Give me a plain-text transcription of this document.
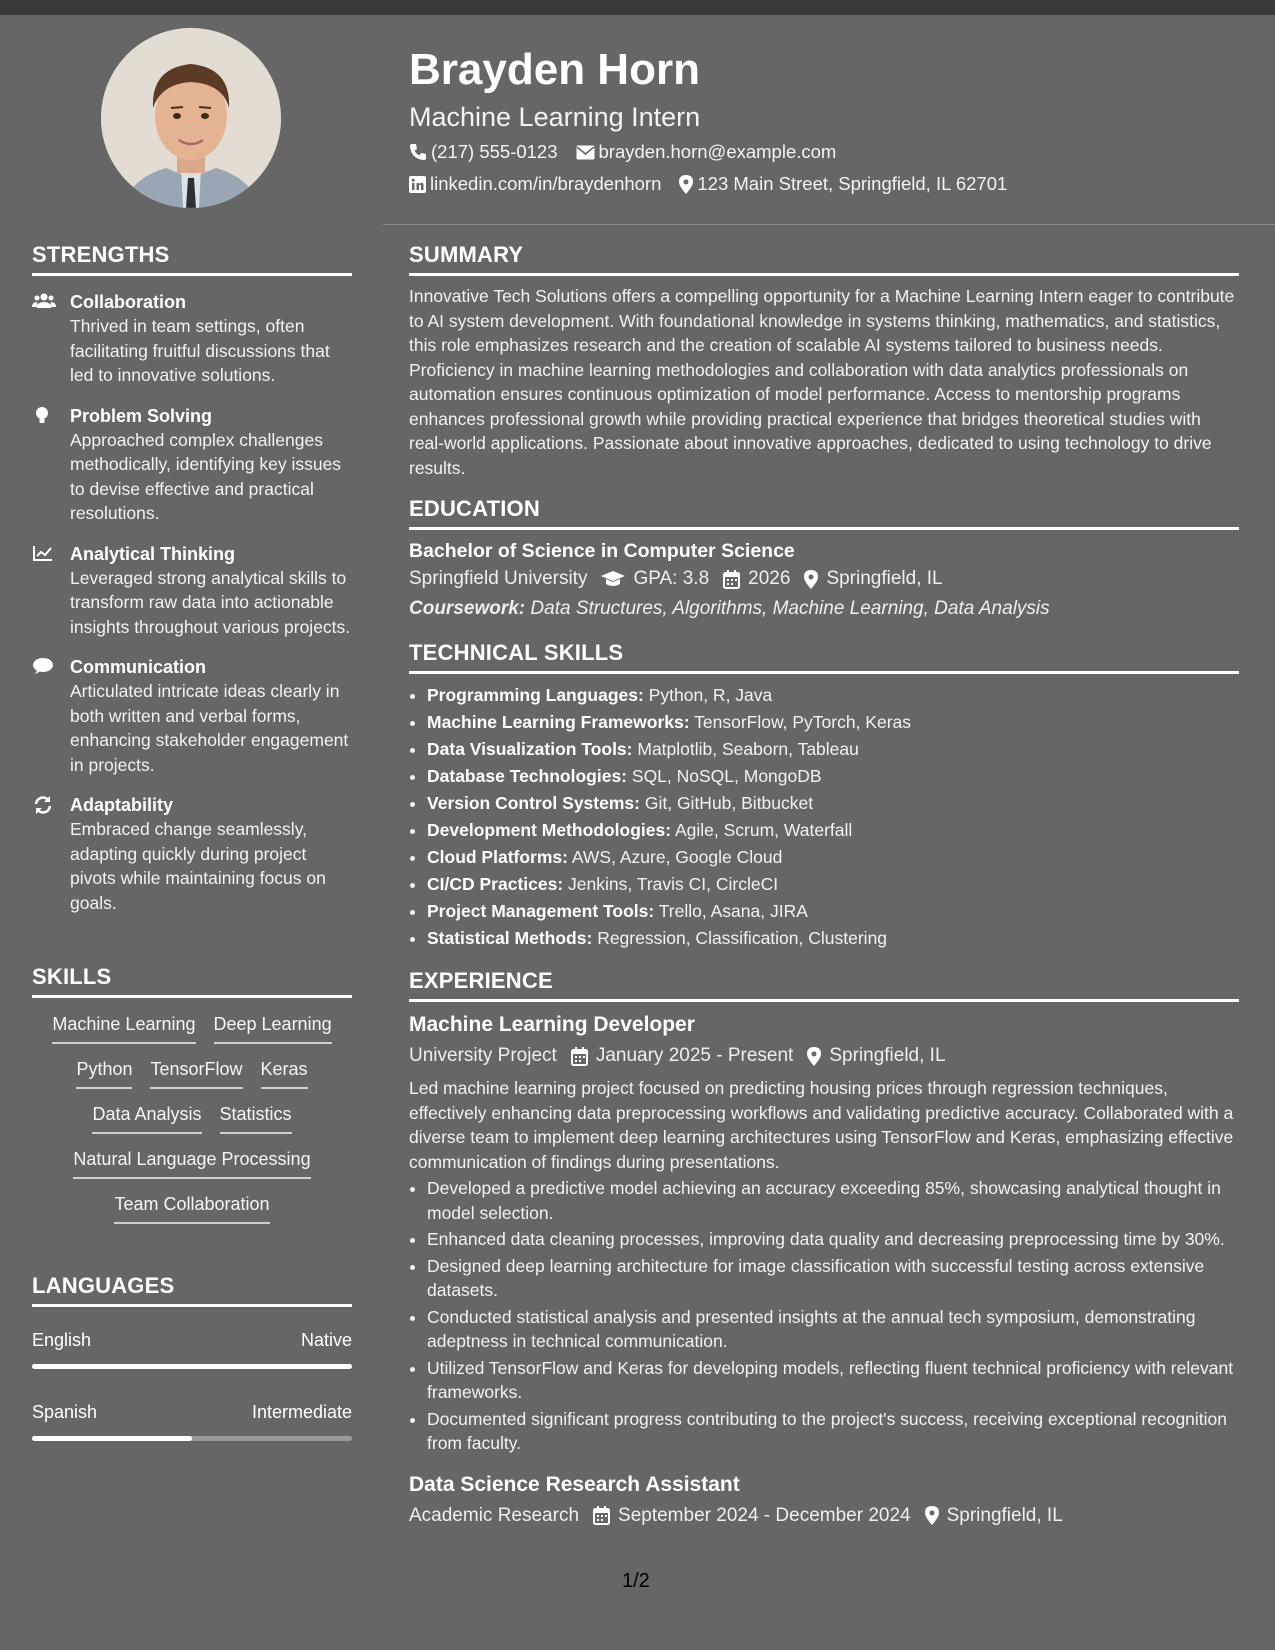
STRENGTHS
Collaboration
Thrived in team settings, often facilitating fruitful discussions that led to innovative solutions.
Problem Solving
Approached complex challenges methodically, identifying key issues to devise effective and practical resolutions.
Analytical Thinking
Leveraged strong analytical skills to transform raw data into actionable insights throughout various projects.
Communication
Articulated intricate ideas clearly in both written and verbal forms, enhancing stakeholder engagement in projects.
Adaptability
Embraced change seamlessly, adapting quickly during project pivots while maintaining focus on goals.
SKILLS
Machine Learning Deep Learning
Python TensorFlow Keras
Data Analysis Statistics
Natural Language Processing
Team Collaboration
LANGUAGES
English	Native
Spanish	Intermediate
Brayden Horn
Machine Learning Intern
(217) 555-0123 brayden.horn@example.com
linkedin.com/in/braydenhorn 123 Main Street, Springfield, IL 62701
SUMMARY

Innovative Tech Solutions offers a compelling opportunity for a Machine Learning Intern eager to contribute to AI system development. With foundational knowledge in systems thinking, mathematics, and statistics, this role emphasizes research and the creation of scalable AI systems tailored to business needs. Proficiency in machine learning methodologies and collaboration with data analytics professionals on automation ensures continuous optimization of model performance. Access to mentorship programs enhances professional growth while providing practical experience that bridges theoretical studies with real-world applications. Passionate about innovative approaches, dedicated to using technology to drive results.

EDUCATION
Bachelor of Science in Computer Science
Springfield University GPA: 3.8 2026 Springfield, IL
Coursework: Data Structures, Algorithms, Machine Learning, Data Analysis
TECHNICAL SKILLS
• Programming Languages: Python, R, Java
• Machine Learning Frameworks: TensorFlow, PyTorch, Keras
• Data Visualization Tools: Matplotlib, Seaborn, Tableau
• Database Technologies: SQL, NoSQL, MongoDB
• Version Control Systems: Git, GitHub, Bitbucket
• Development Methodologies: Agile, Scrum, Waterfall
• Cloud Platforms: AWS, Azure, Google Cloud
• CI/CD Practices: Jenkins, Travis CI, CircleCI
• Project Management Tools: Trello, Asana, JIRA
• Statistical Methods: Regression, Classification, Clustering
EXPERIENCE
Machine Learning Developer
University Project January 2025 - Present Springfield, IL
Led machine learning project focused on predicting housing prices through regression techniques, effectively enhancing data preprocessing workflows and validating predictive accuracy. Collaborated with a diverse team to implement deep learning architectures using TensorFlow and Keras, emphasizing effective communication of findings during presentations.
• Developed a predictive model achieving an accuracy exceeding 85%, showcasing analytical thought in model selection.
• Enhanced data cleaning processes, improving data quality and decreasing preprocessing time by 30%.
• Designed deep learning architecture for image classification with successful testing across extensive datasets.
• Conducted statistical analysis and presented insights at the annual tech symposium, demonstrating adeptness in technical communication.
• Utilized TensorFlow and Keras for developing models, reflecting fluent technical proficiency with relevant frameworks.
• Documented significant progress contributing to the project's success, receiving exceptional recognition from faculty.
Data Science Research Assistant
Academic Research September 2024 - December 2024 Springfield, IL
1/2
